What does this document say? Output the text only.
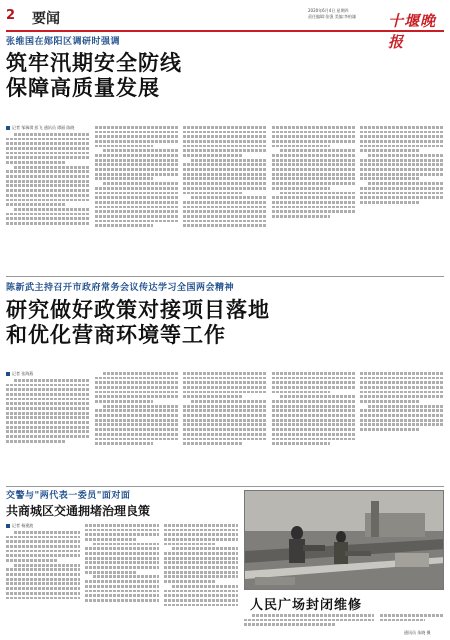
2 要闻
2020年6月4日 星期四
责任编辑:张强 美编:李柏谦	十堰晚报
张维国在郧阳区调研时强调
筑牢汛期安全防线
保障高质量发展
记者 邹瑞琪 彭飞 通讯员 谭丽 陈晓
陈新武主持召开市政府常务会议传达学习全国两会精神
研究做好政策对接项目落地
和优化营商环境等工作
记者 张海燕
交警与"两代表一委员"面对面
共商城区交通拥堵治理良策
记者 杨建波
人民广场封闭维修
通讯员 朱晓 摄
